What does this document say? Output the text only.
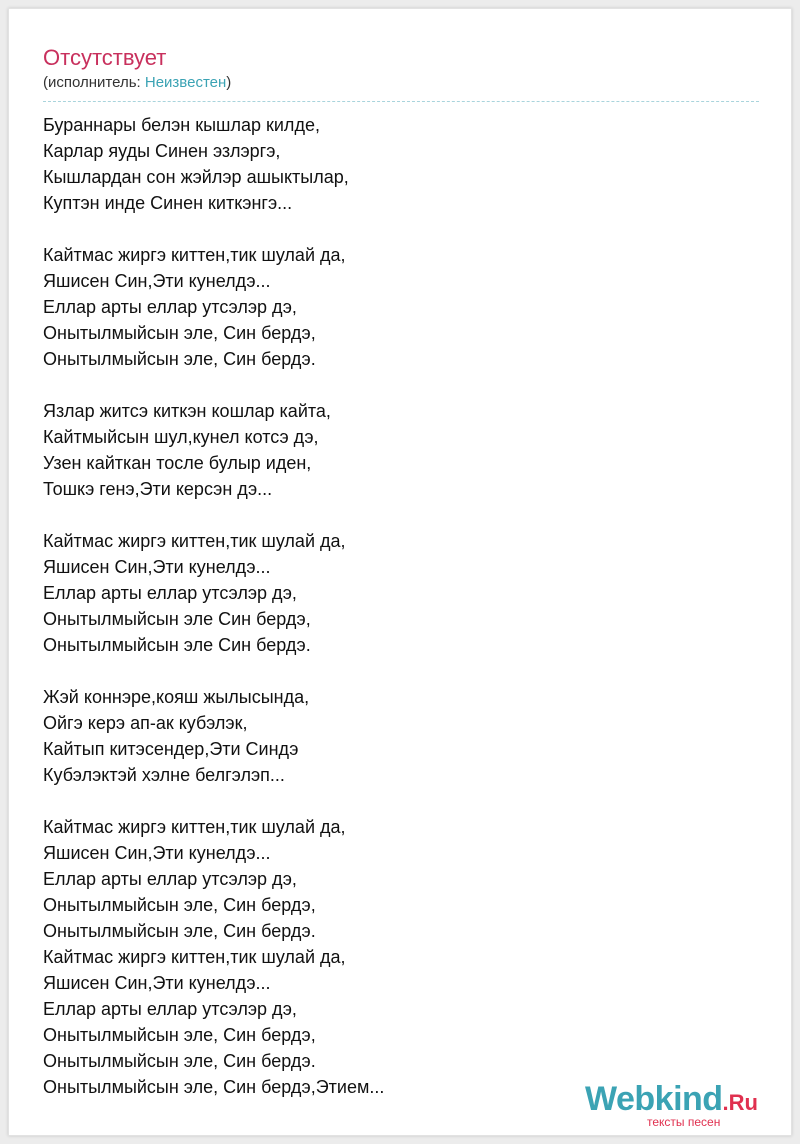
Отсутствует
(исполнитель: Неизвестен)
Бураннары белэн кышлар килде,
Карлар яуды Синен эзлэргэ,
Кышлардан сон жэйлэр ашыктылар,
Куптэн инде Синен киткэнгэ...
Кайтмас жиргэ киттен,тик шулай да,
Яшисен Син,Эти кунелдэ...
Еллар арты еллар утсэлэр дэ,
Онытылмыйсын эле, Син бердэ,
Онытылмыйсын эле, Син бердэ.
Язлар житсэ киткэн кошлар кайта,
Кайтмыйсын шул,кунел котсэ дэ,
Узен кайткан тосле булыр иден,
Тошкэ генэ,Эти керсэн дэ...
Кайтмас жиргэ киттен,тик шулай да,
Яшисен Син,Эти кунелдэ...
Еллар арты еллар утсэлэр дэ,
Онытылмыйсын эле Син бердэ,
Онытылмыйсын эле Син бердэ.
Жэй коннэре,кояш жылысында,
Ойгэ керэ ап-ак кубэлэк,
Кайтып китэсендер,Эти Синдэ
Кубэлэктэй хэлне белгэлэп...
Кайтмас жиргэ киттен,тик шулай да,
Яшисен Син,Эти кунелдэ...
Еллар арты еллар утсэлэр дэ,
Онытылмыйсын эле, Син бердэ,
Онытылмыйсын эле, Син бердэ.
Кайтмас жиргэ киттен,тик шулай да,
Яшисен Син,Эти кунелдэ...
Еллар арты еллар утсэлэр дэ,
Онытылмыйсын эле, Син бердэ,
Онытылмыйсын эле, Син бердэ.
Онытылмыйсын эле, Син бердэ,Этием...	Webkind.Ru
тексты песен
